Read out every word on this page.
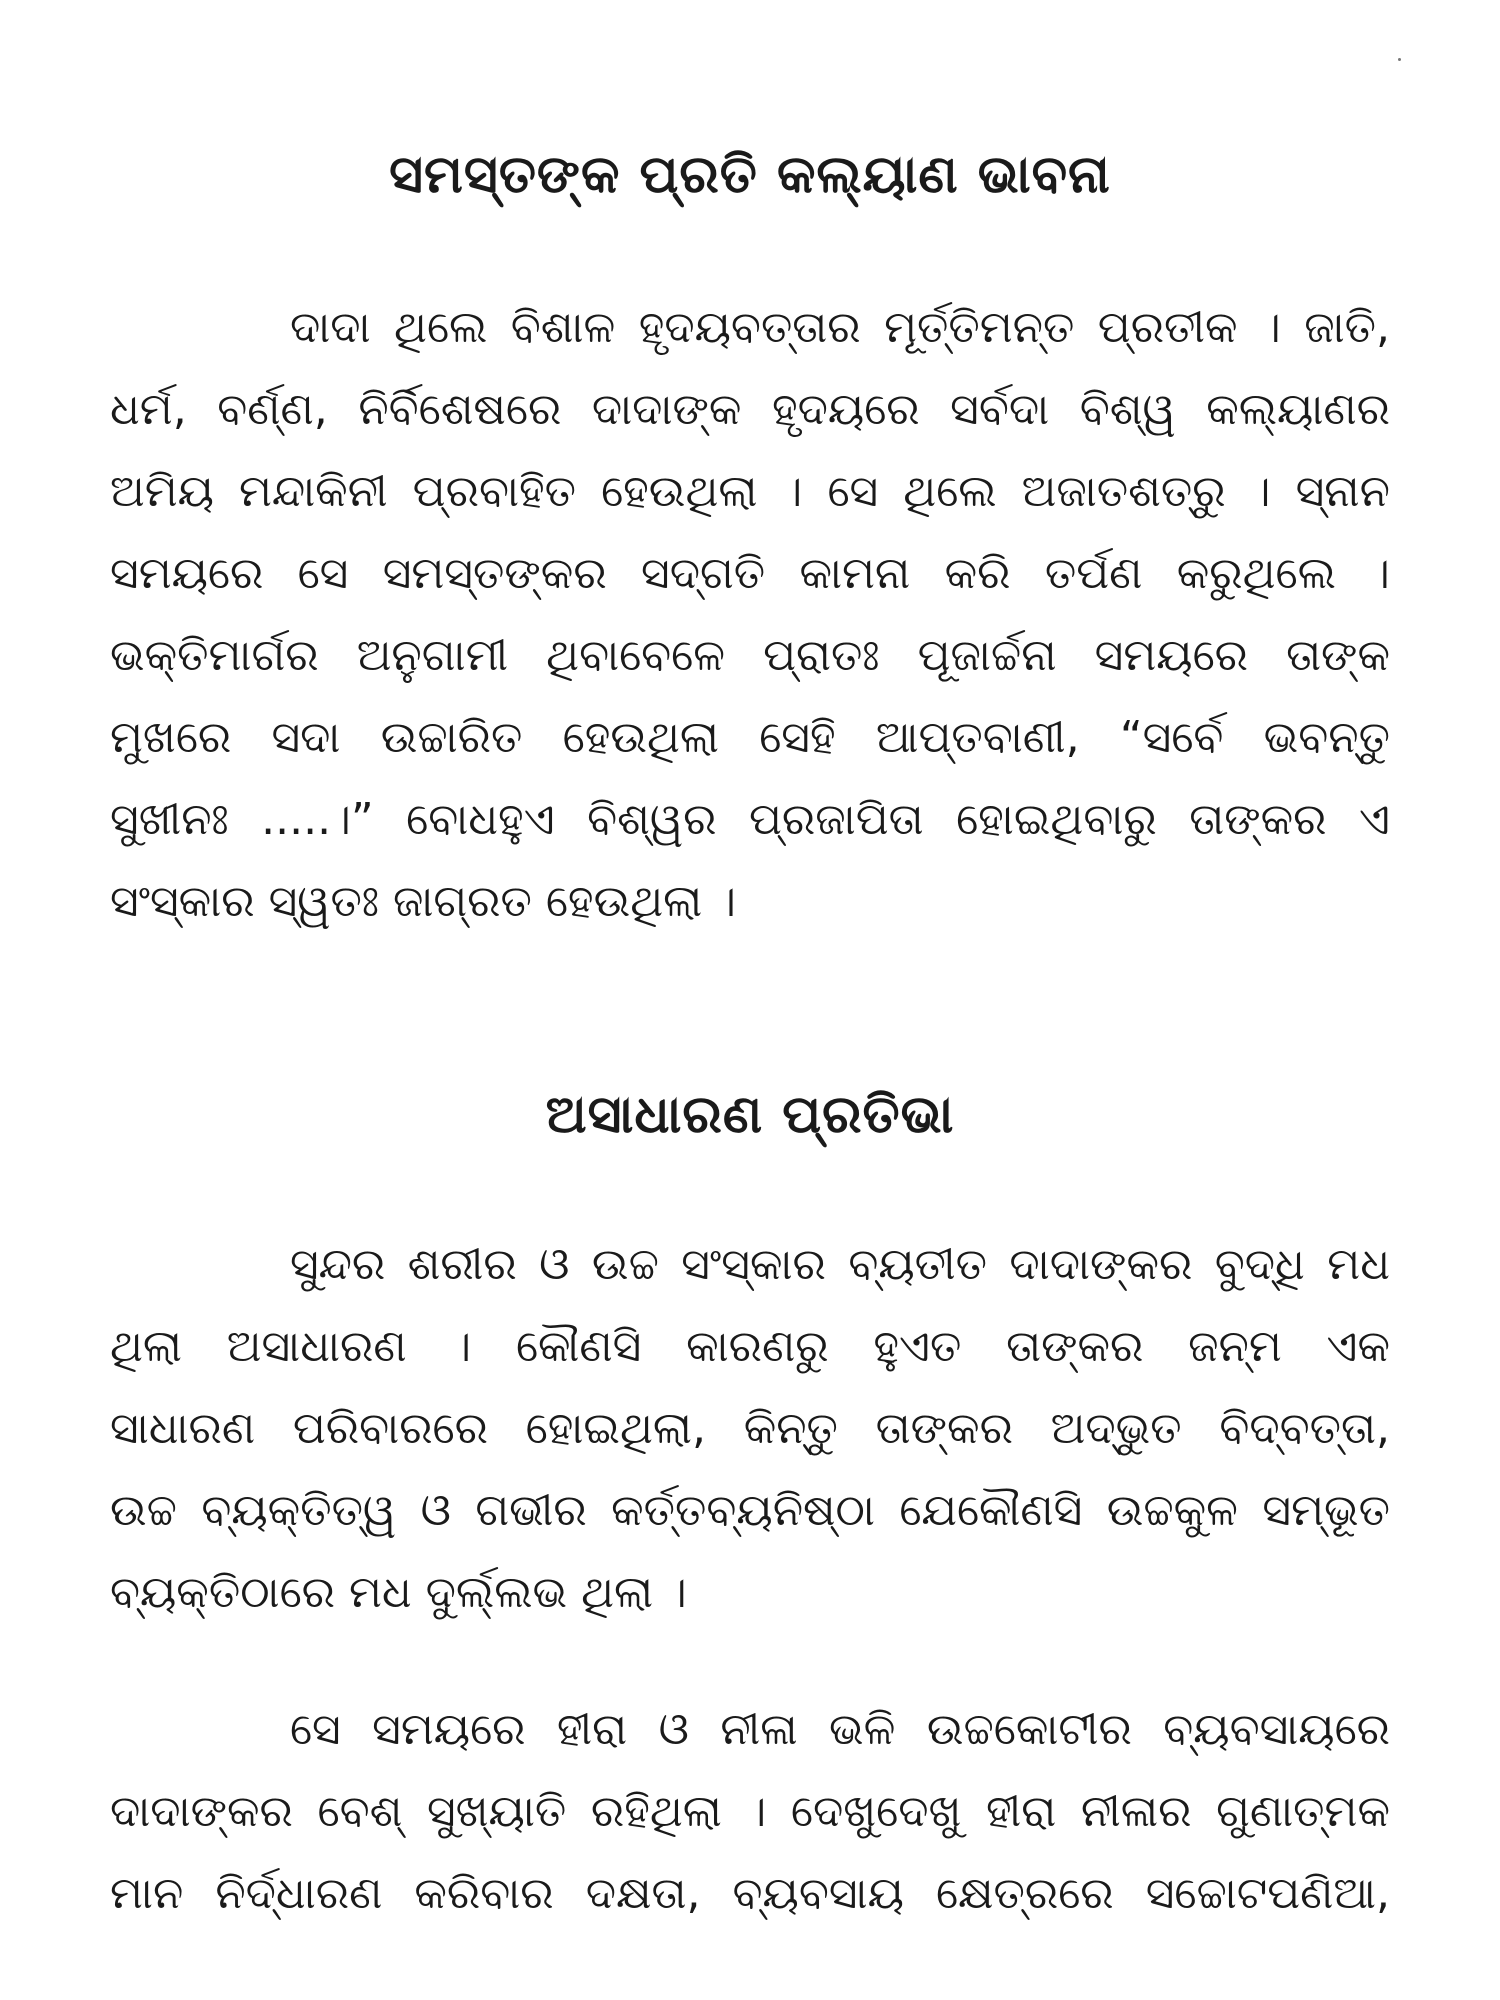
ସମସ୍ତଙ୍କ ପ୍ରତି କଲ୍ୟାଣ ଭାବନା
ଦାଦା ଥିଲେ ବିଶାଳ ହୃଦୟବତ୍ତାର ମୂର୍ତ୍ତିମନ୍ତ ପ୍ରତୀକ । ଜାତି,
ଧର୍ମ, ବର୍ଣ୍ଣ, ନିର୍ବିଶେଷରେ ଦାଦାଙ୍କ ହୃଦୟରେ ସର୍ବଦା ବିଶ୍ୱ କଲ୍ୟାଣର
ଅମିୟ ମନ୍ଦାକିନୀ ପ୍ରବାହିତ ହେଉଥିଲା । ସେ ଥିଲେ ଅଜାତଶତ୍ରୁ । ସ୍ନାନ
ସମୟରେ ସେ ସମସ୍ତଙ୍କର ସଦ୍‌ଗତି କାମନା କରି ତର୍ପଣ କରୁଥିଲେ ।
ଭକ୍ତିମାର୍ଗର ଅନୁଗାମୀ ଥିବାବେଳେ ପ୍ରାତଃ ପୂଜାର୍ଚ୍ଚନା ସମୟରେ ତାଙ୍କ
ମୁଖରେ ସଦା ଉଚ୍ଚାରିତ ହେଉଥିଲା ସେହି ଆପ୍ତବାଣୀ, “ସର୍ବେ ଭବନ୍ତୁ
ସୁଖୀନଃ .....।” ବୋଧହୁଏ ବିଶ୍ୱର ପ୍ରଜାପିତା ହୋଇଥିବାରୁ ତାଙ୍କର ଏ
ସଂସ୍କାର ସ୍ୱତଃ ଜାଗ୍ରତ ହେଉଥିଲା ।
ଅସାଧାରଣ ପ୍ରତିଭା
ସୁନ୍ଦର ଶରୀର ଓ ଉଚ୍ଚ ସଂସ୍କାର ବ୍ୟତୀତ ଦାଦାଙ୍କର ବୁଦ୍ଧି ମଧ
ଥିଲା ଅସାଧାରଣ । କୌଣସି କାରଣରୁ ହୁଏତ ତାଙ୍କର ଜନ୍ମ ଏକ
ସାଧାରଣ ପରିବାରରେ ହୋଇଥିଲା, କିନ୍ତୁ ତାଙ୍କର ଅଦ୍ଭୁତ ବିଦ୍‌ବତ୍ତା,
ଉଚ୍ଚ ବ୍ୟକ୍ତିତ୍ୱ ଓ ଗଭୀର କର୍ତ୍ତବ୍ୟନିଷ୍ଠା ଯେକୌଣସି ଉଚ୍ଚକୁଳ ସମ୍ଭୂତ
ବ୍ୟକ୍ତିଠାରେ ମଧ ଦୁର୍ଲ୍ଲଭ ଥିଲା ।
ସେ ସମୟରେ ହୀରା ଓ ନୀଳା ଭଳି ଉଚ୍ଚକୋଟୀର ବ୍ୟବସାୟରେ
ଦାଦାଙ୍କର ବେଶ୍ ସୁଖ୍ୟାତି ରହିଥିଲା । ଦେଖୁଦେଖୁ ହୀରା ନୀଳାର ଗୁଣାତ୍ମକ
ମାନ ନିର୍ଦ୍ଧାରଣ କରିବାର ଦକ୍ଷତା, ବ୍ୟବସାୟ କ୍ଷେତ୍ରରେ ସଚ୍ଚୋଟପଣିଆ,
